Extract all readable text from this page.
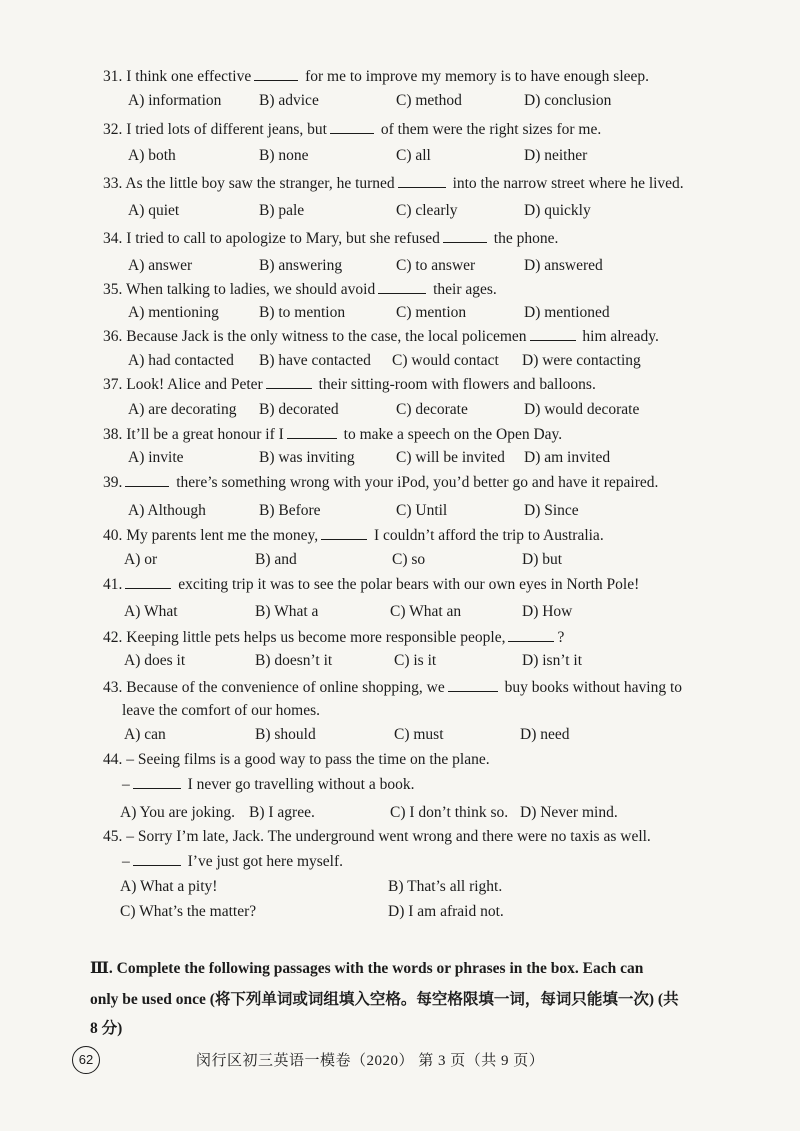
31. I think one effective	for me to improve my memory is to have enough sleep.
A) information B) advice	C) method	D) conclusion
32. I tried lots of different jeans, but	of them were the right sizes for me.
A) both	B) none	C) all	D) neither
33. As the little boy saw the stranger, he turned	into the narrow street where he lived.
A) quiet	B) pale	C) clearly	D) quickly
34. I tried to call to apologize to Mary, but she refused	the phone.
A) answer	B) answering	C) to answer	D) answered
35. When talking to ladies, we should avoid	their ages.
A) mentioning	B) to mention	C) mention	D) mentioned
36. Because Jack is the only witness to the case, the local policemen	him already.
A) had contacted B) have contacted C) would contact D) were contacting
37. Look! Alice and Peter	their sitting-room with flowers and balloons.
A) are decorating B) decorated	C) decorate	D) would decorate
38. It’ll be a great honour if I	to make a speech on the Open Day.
A) invite	B) was inviting	C) will be invited D) am invited
39.	there’s something wrong with your iPod, you’d better go and have it repaired.
A) Although	B) Before	C) Until	D) Since
40. My parents lent me the money,	I couldn’t afford the trip to Australia.
A) or	B) and	C) so	D) but
41.	exciting trip it was to see the polar bears with our own eyes in North Pole!
A) What	B) What a	C) What an	D) How
42. Keeping little pets helps us become more responsible people,	?
A) does it	B) doesn’t it	C) is it	D) isn’t it
43. Because of the convenience of online shopping, we	buy books without having to
leave the comfort of our homes.
A) can	B) should	C) must	D) need
44. – Seeing films is a good way to pass the time on the plane.
–	I never go travelling without a book.
A) You are joking. B) I agree.	C) I don’t think so. D) Never mind.
45. – Sorry I’m late, Jack. The underground went wrong and there were no taxis as well.
–	I’ve just got here myself.
A) What a pity!	B) That’s all right.
C) What’s the matter?	D) I am afraid not.
Ⅲ. Complete the following passages with the words or phrases in the box. Each can
only be used once (将下列单词或词组填入空格。每空格限填一词，每词只能填一次) (共
8 分)
62	闵行区初三英语一模卷（2020） 第 3 页（共 9 页）
